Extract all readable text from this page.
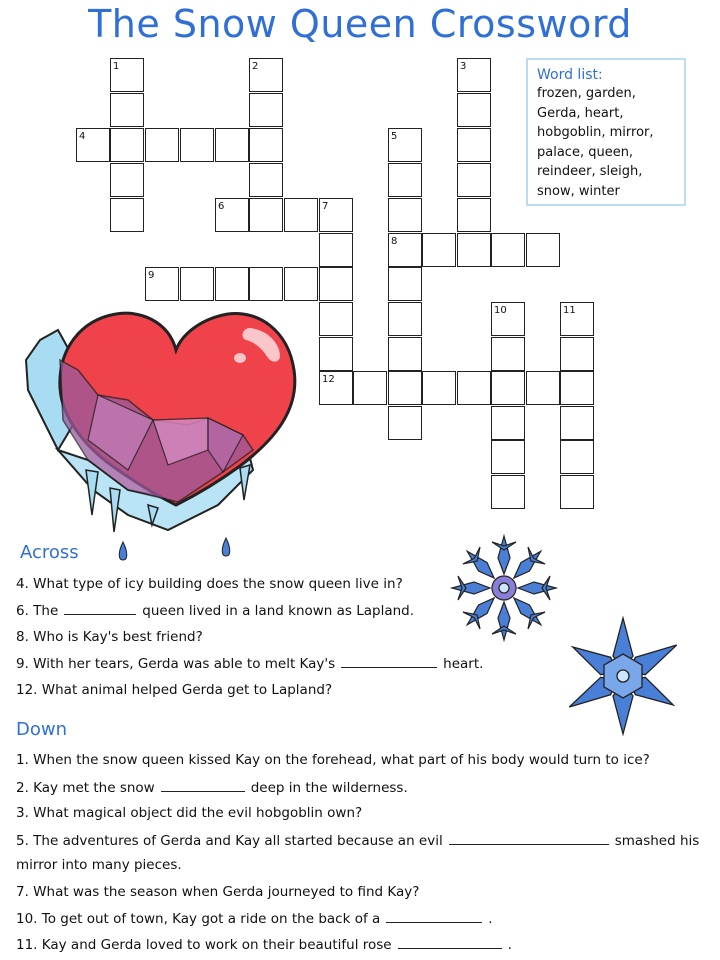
The Snow Queen Crossword
1	2	3
4	5
6	7
8
9
10	11
12
Word list:
frozen, garden,
Gerda, heart,
hobgoblin, mirror,
palace, queen,
reindeer, sleigh,
snow, winter
Across
4. What type of icy building does the snow queen live in?
6. The	queen lived in a land known as Lapland.
8. Who is Kay's best friend?
9. With her tears, Gerda was able to melt Kay's	heart.
12. What animal helped Gerda get to Lapland?
Down
1. When the snow queen kissed Kay on the forehead, what part of his body would turn to ice?
2. Kay met the snow	deep in the wilderness.
3. What magical object did the evil hobgoblin own?
5. The adventures of Gerda and Kay all started because an evil	smashed his
mirror into many pieces.
7. What was the season when Gerda journeyed to find Kay?
10. To get out of town, Kay got a ride on the back of a	.
11. Kay and Gerda loved to work on their beautiful rose	.
